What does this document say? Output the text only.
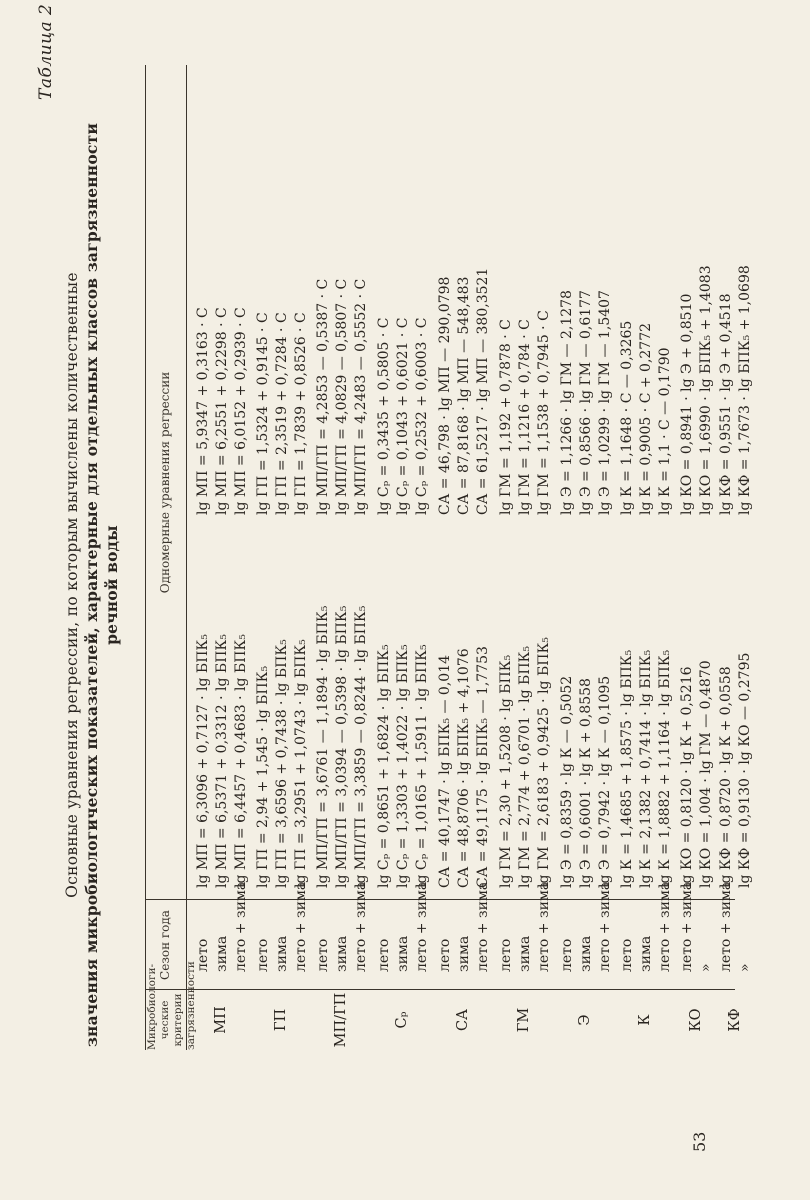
Таблица 2
Основные уравнения регрессии, по которым вычислены количественные значения микробиологических показателей, характерные для отдельных классов загрязненности речной воды
Микробиологи-ческие критерии загрязненности
Сезон года
Одномерные уравнения регрессии
МП
лето зима лето + зима
lg МП = 6,3096 + 0,7127 · lg БПК₅ lg МП = 6,5371 + 0,3312 · lg БПК₅ lg МП = 6,4457 + 0,4683 · lg БПК₅
lg МП = 5,9347 + 0,3163 · С lg МП = 6,2551 + 0,2298 · С lg МП = 6,0152 + 0,2939 · С
ГП
лето зима лето + зима
lg ГП = 2,94 + 1,545 · lg БПК₅ lg ГП = 3,6596 + 0,7438 · lg БПК₅ lg ГП = 3,2951 + 1,0743 · lg БПК₅
lg ГП = 1,5324 + 0,9145 · С lg ГП = 2,3519 + 0,7284 · С lg ГП = 1,7839 + 0,8526 · С
МП/ГП
лето зима лето + зима
lg МП/ГП = 3,6761 — 1,1894 · lg БПК₅ lg МП/ГП = 3,0394 — 0,5398 · lg БПК₅ lg МП/ГП = 3,3859 — 0,8244 · lg БПК₅
lg МП/ГП = 4,2853 — 0,5387 · С lg МП/ГП = 4,0829 — 0,5807 · С lg МП/ГП = 4,2483 — 0,5552 · С
Сₚ
лето зима лето + зима
lg Сₚ = 0,8651 + 1,6824 · lg БПК₅ lg Сₚ = 1,3303 + 1,4022 · lg БПК₅ lg Сₚ = 1,0165 + 1,5911 · lg БПК₅
lg Сₚ = 0,3435 + 0,5805 · С lg Сₚ = 0,1043 + 0,6021 · С lg Сₚ = 0,2532 + 0,6003 · С
СА
лето зима лето + зима
СА = 40,1747 · lg БПК₅ — 0,014 СА = 48,8706 · lg БПК₅ + 4,1076 СА = 49,1175 · lg БПК₅ — 1,7753
СА = 46,798 · lg МП — 290,0798 СА = 87,8168 · lg МП — 548,483 СА = 61,5217 · lg МП — 380,3521
ГМ
лето зима лето + зима
lg ГМ = 2,30 + 1,5208 · lg БПК₅ lg ГМ = 2,774 + 0,6701 · lg БПК₅ lg ГМ = 2,6183 + 0,9425 · lg БПК₅
lg ГМ = 1,192 + 0,7878 · С lg ГМ = 1,1216 + 0,784 · С lg ГМ = 1,1538 + 0,7945 · С
Э
лето зима лето + зима
lg Э = 0,8359 · lg К — 0,5052 lg Э = 0,6001 · lg К + 0,8558 lg Э = 0,7942 · lg К — 0,1095
lg Э = 1,1266 · lg ГМ — 2,1278 lg Э = 0,8566 · lg ГМ — 0,6177 lg Э = 1,0299 · lg ГМ — 1,5407
К
лето зима лето + зима
lg К = 1,4685 + 1,8575 · lg БПК₅ lg К = 2,1382 + 0,7414 · lg БПК₅ lg К = 1,8882 + 1,1164 · lg БПК₅
lg К = 1,1648 · С — 0,3265 lg К = 0,9005 · С + 0,2772 lg К = 1,1 · С — 0,1790
КО
лето + зима »
lg КО = 0,8120 · lg К + 0,5216 lg КО = 1,004 · lg ГМ — 0,4870
lg КО = 0,8941 · lg Э + 0,8510 lg КО = 1,6990 · lg БПК₅ + 1,4083
КФ
лето + зима »
lg КФ = 0,8720 · lg К + 0,0558 lg КФ = 0,9130 · lg КО — 0,2795
lg КФ = 0,9551 · lg Э + 0,4518 lg КФ = 1,7673 · lg БПК₅ + 1,0698
53
